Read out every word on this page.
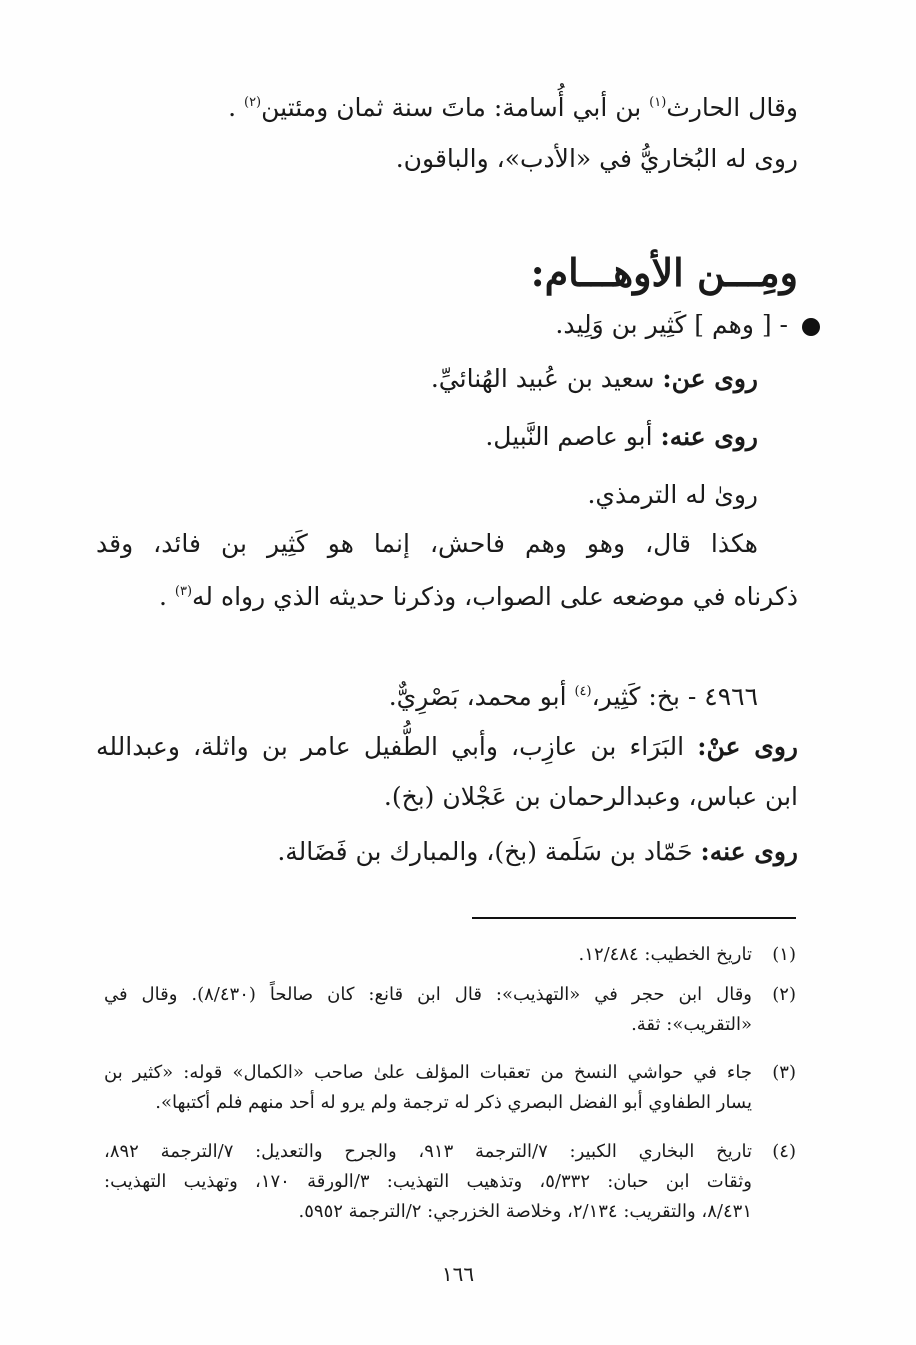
وقال الحارث$^{(١)}$ بن أبي أُسامة: ماتَ سنة ثمان ومئتين$^{(٢)}$ .
روى له البُخاريُّ في «الأدب»، والباقون.
ومِـــن الأوهـــام:
- [ وهم ] كَثِير بن وَلِيد.
روى عن: سعيد بن عُبيد الهُنائيِّ.
روى عنه: أبو عاصم النَّبيل.
روىٰ له الترمذي.
هكذا قال، وهو وهم فاحش، إنما هو كَثِير بن فائد، وقد
ذكرناه في موضعه على الصواب، وذكرنا حديثه الذي رواه له$^{(٣)}$ .
٤٩٦٦ - بخ: كَثِير،$^{(٤)}$ أبو محمد، بَصْرِيٌّ.
روى عنْ: البَرَاء بن عازِب، وأبي الطُّفيل عامر بن واثلة، وعبدالله
ابن عباس، وعبدالرحمان بن عَجْلان (بخ).
روى عنه: حَمّاد بن سَلَمة (بخ)، والمبارك بن فَضَالة.
(١)
تاريخ الخطيب: ١٢/٤٨٤.
(٢)
وقال ابن حجر في «التهذيب»: قال ابن قانع: كان صالحاً (٨/٤٣٠). وقال في
«التقريب»: ثقة.
(٣)
جاء في حواشي النسخ من تعقبات المؤلف علىٰ صاحب «الكمال» قوله: «كثير بن
يسار الطفاوي أبو الفضل البصري ذكر له ترجمة ولم يرو له أحد منهم فلم أكتبها».
(٤)
تاريخ البخاري الكبير: ٧/الترجمة ٩١٣، والجرح والتعديل: ٧/الترجمة ٨٩٢،
وثقات ابن حبان: ٥/٣٣٢، وتذهيب التهذيب: ٣/الورقة ١٧٠، وتهذيب التهذيب:
٨/٤٣١، والتقريب: ٢/١٣٤، وخلاصة الخزرجي: ٢/الترجمة ٥٩٥٢.
١٦٦
